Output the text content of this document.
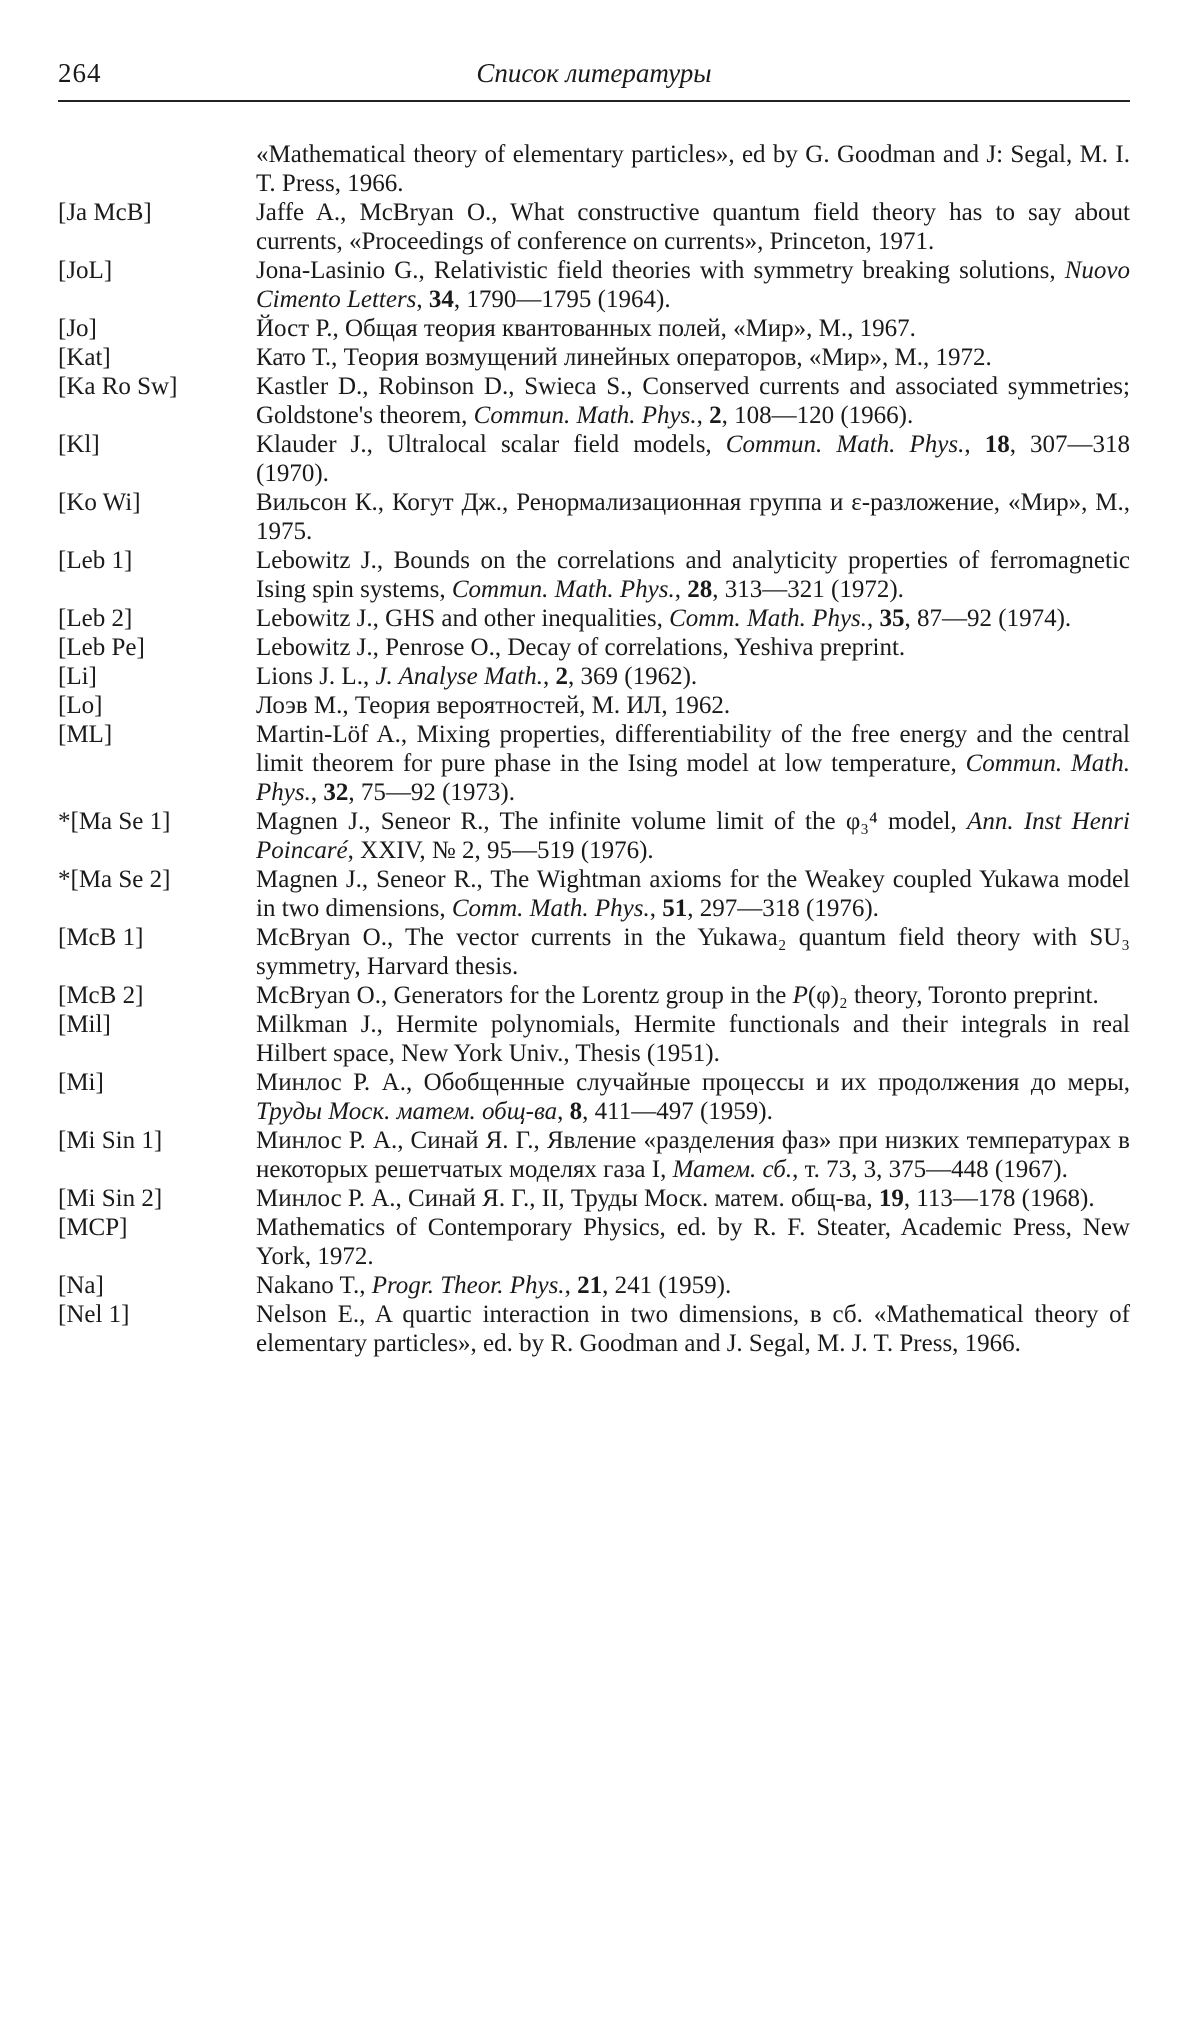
264	Список литературы
«Mathematical theory of elementary particles», ed by G. Goodman and J: Segal, M. I. T. Press, 1966.
[Ja McB]	Jaffe A., McBryan O., What constructive quantum field theory has to say about currents, «Proceedings of conference on currents», Princeton, 1971.
[JoL]	Jona-Lasinio G., Relativistic field theories with symmetry breaking solutions, Nuovo Cimento Letters, 34, 1790—1795 (1964).
[Jo]	Йост Р., Общая теория квантованных полей, «Мир», М., 1967.
[Kat]	Като Т., Теория возмущений линейных операторов, «Мир», М., 1972.
[Ka Ro Sw]	Kastler D., Robinson D., Swieca S., Conserved currents and associated symmetries; Goldstone's theorem, Commun. Math. Phys., 2, 108—120 (1966).
[Kl]	Klauder J., Ultralocal scalar field models, Commun. Math. Phys., 18, 307—318 (1970).
[Ko Wi]	Вильсон К., Когут Дж., Ренормализационная группа и ε-разложение, «Мир», М., 1975.
[Leb 1]	Lebowitz J., Bounds on the correlations and analyticity properties of ferromagnetic Ising spin systems, Commun. Math. Phys., 28, 313—321 (1972).
[Leb 2]	Lebowitz J., GHS and other inequalities, Comm. Math. Phys., 35, 87—92 (1974).
[Leb Pe]	Lebowitz J., Penrose O., Decay of correlations, Yeshiva preprint.
[Li]	Lions J. L., J. Analyse Math., 2, 369 (1962).
[Lo]	Лоэв М., Теория вероятностей, М. ИЛ, 1962.
[ML]	Martin-Löf A., Mixing properties, differentiability of the free energy and the central limit theorem for pure phase in the Ising model at low temperature, Commun. Math. Phys., 32, 75—92 (1973).
*[Ma Se 1]	Magnen J., Seneor R., The infinite volume limit of the φ₃⁴ model, Ann. Inst Henri Poincaré, XXIV, № 2, 95—519 (1976).
*[Ma Se 2]	Magnen J., Seneor R., The Wightman axioms for the Weakey coupled Yukawa model in two dimensions, Comm. Math. Phys., 51, 297—318 (1976).
[McB 1]	McBryan O., The vector currents in the Yukawa₂ quantum field theory with SU₃ symmetry, Harvard thesis.
[McB 2]	McBryan O., Generators for the Lorentz group in the P(φ)₂ theory, Toronto preprint.
[Mil]	Milkman J., Hermite polynomials, Hermite functionals and their integrals in real Hilbert space, New York Univ., Thesis (1951).
[Mi]	Минлос Р. А., Обобщенные случайные процессы и их продолжения до меры, Труды Моск. матем. общ-ва, 8, 411—497 (1959).
[Mi Sin 1]	Минлос Р. А., Синай Я. Г., Явление «разделения фаз» при низких температурах в некоторых решетчатых моделях газа I, Матем. сб., т. 73, 3, 375—448 (1967).
[Mi Sin 2]	Минлос Р. А., Синай Я. Г., II, Труды Моск. матем. общ-ва, 19, 113—178 (1968).
[MCP]	Mathematics of Contemporary Physics, ed. by R. F. Steater, Academic Press, New York, 1972.
[Na]	Nakano T., Progr. Theor. Phys., 21, 241 (1959).
[Nel 1]	Nelson E., A quartic interaction in two dimensions, в сб. «Mathematical theory of elementary particles», ed. by R. Goodman and J. Segal, M. J. T. Press, 1966.
